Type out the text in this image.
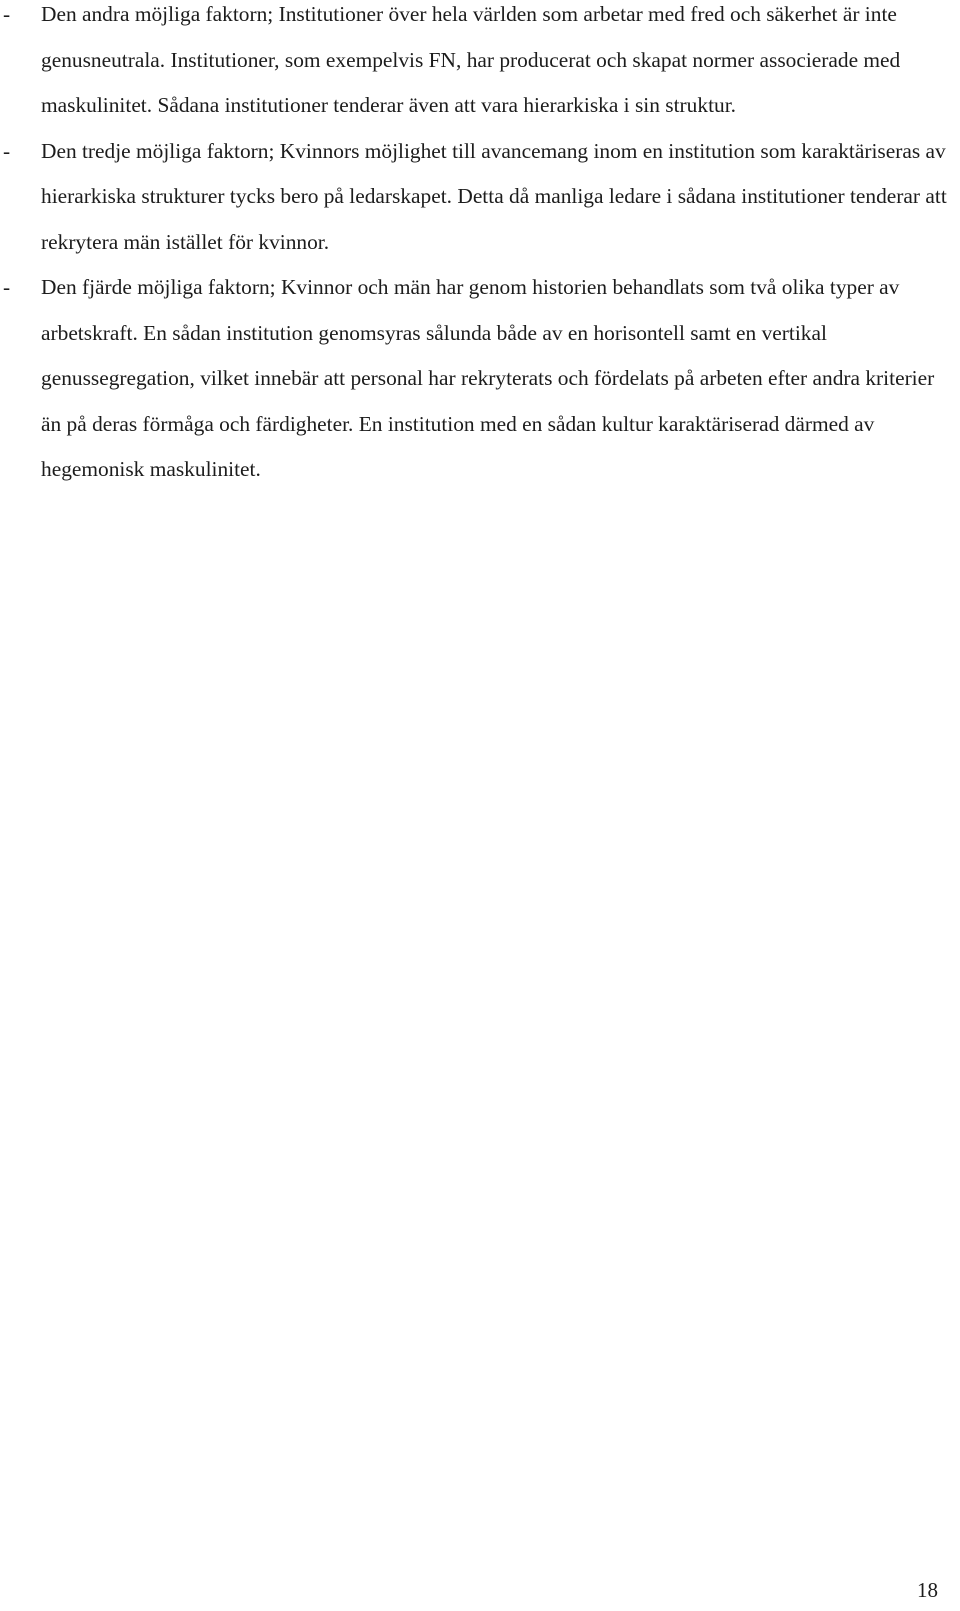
-	Den andra möjliga faktorn; Institutioner över hela världen som arbetar med fred och säkerhet är inte genusneutrala. Institutioner, som exempelvis FN, har producerat och skapat normer associerade med maskulinitet. Sådana institutioner tenderar även att vara hierarkiska i sin struktur.
-	Den tredje möjliga faktorn; Kvinnors möjlighet till avancemang inom en institution som karaktäriseras av hierarkiska strukturer tycks bero på ledarskapet. Detta då manliga ledare i sådana institutioner tenderar att rekrytera män istället för kvinnor.
-	Den fjärde möjliga faktorn; Kvinnor och män har genom historien behandlats som två olika typer av arbetskraft. En sådan institution genomsyras sålunda både av en horisontell samt en vertikal genussegregation, vilket innebär att personal har rekryterats och fördelats på arbeten efter andra kriterier än på deras förmåga och färdigheter. En institution med en sådan kultur karaktäriserad därmed av hegemonisk maskulinitet.
18
